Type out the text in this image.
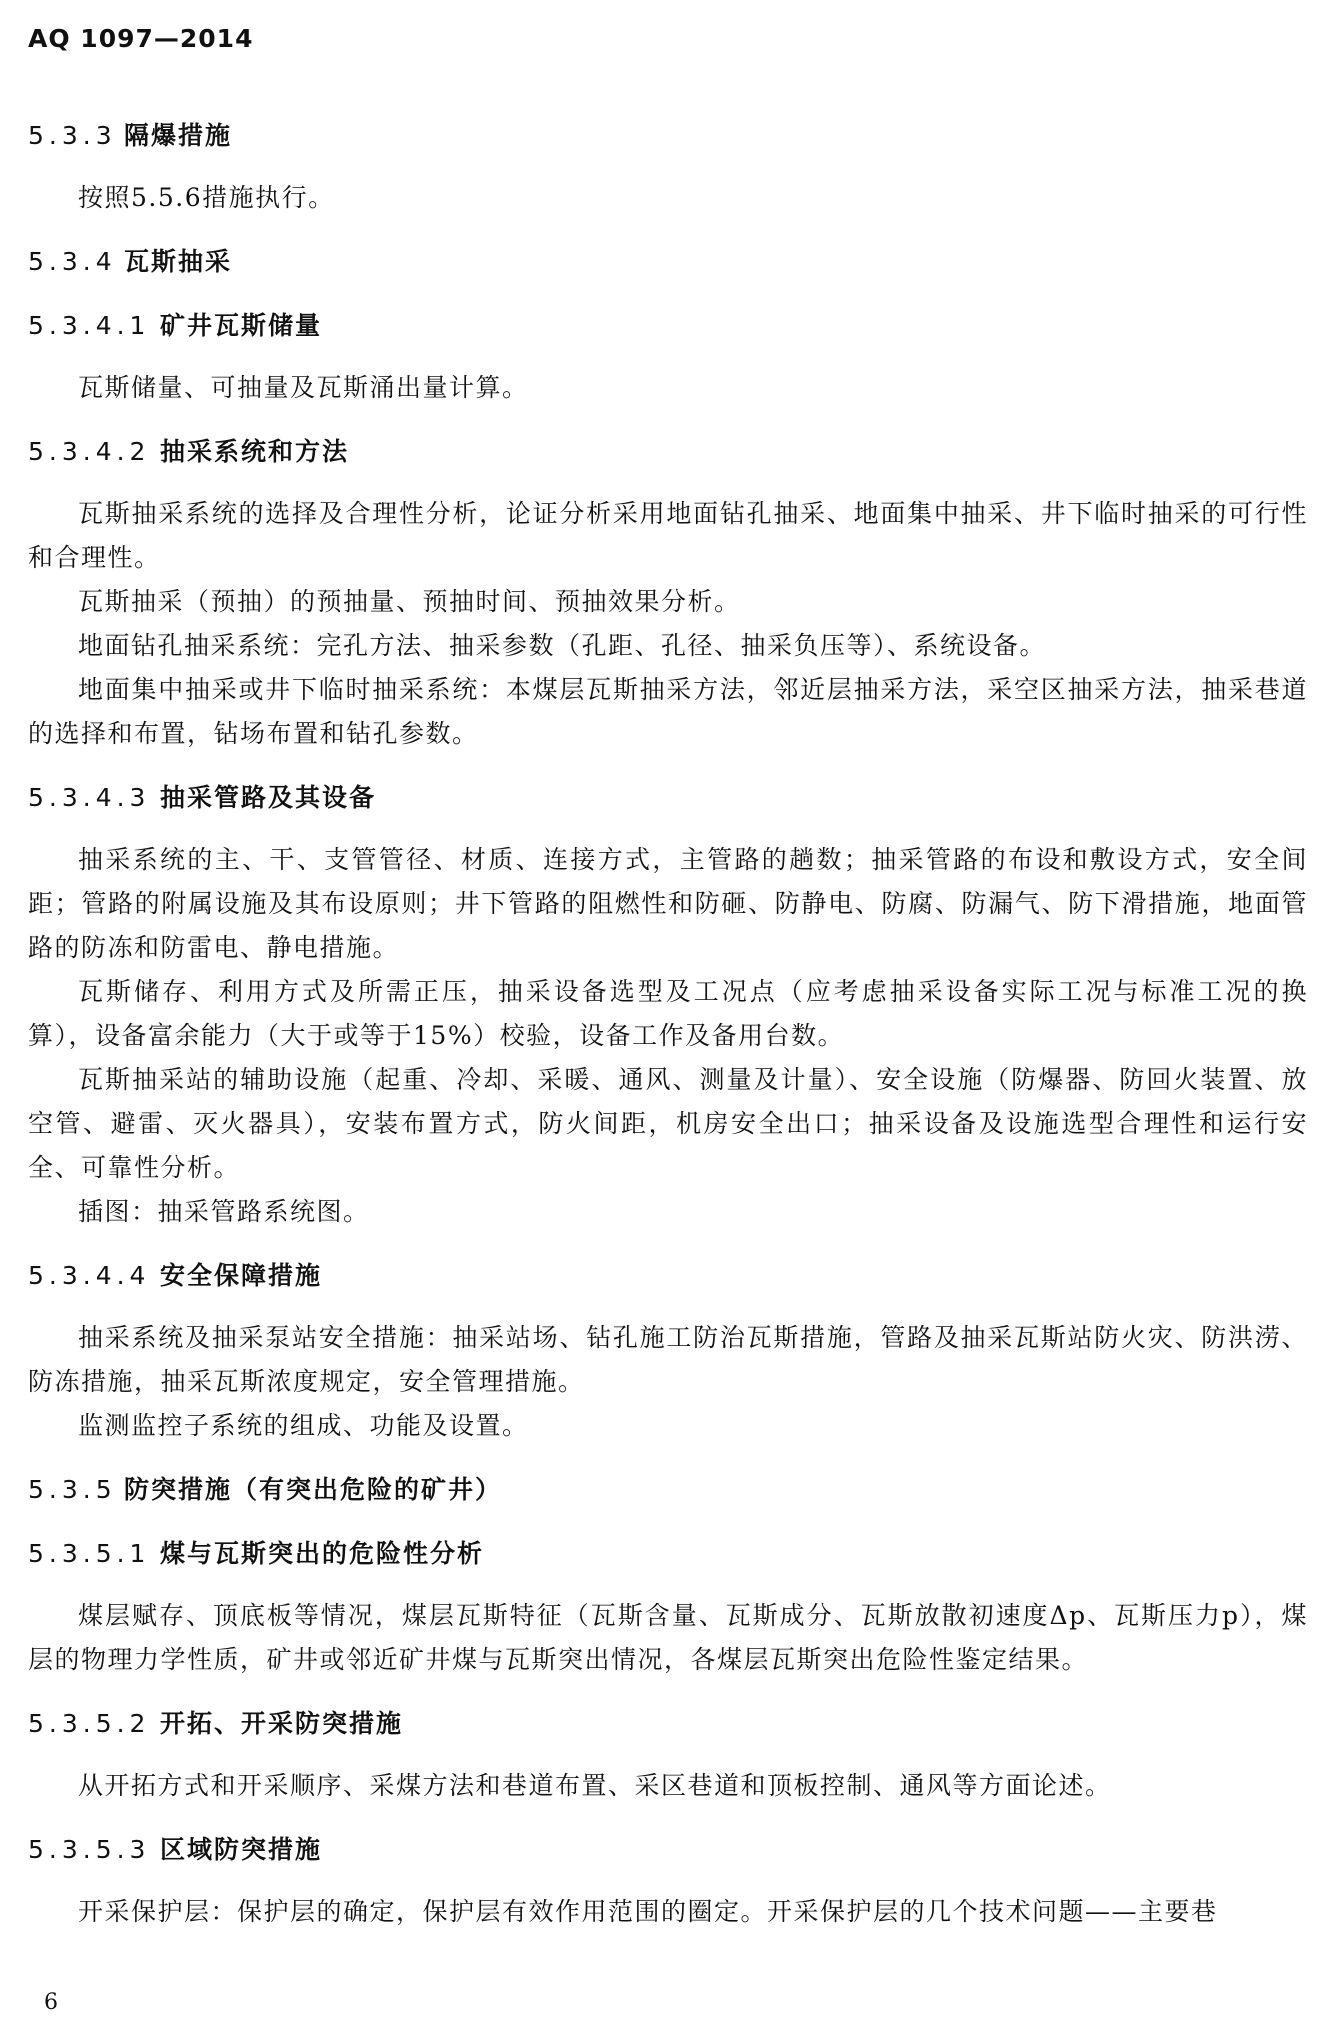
AQ 1097—2014
5.3.3 隔爆措施

按照5.5.6措施执行。

5.3.4 瓦斯抽采
5.3.4.1 矿井瓦斯储量

瓦斯储量、可抽量及瓦斯涌出量计算。

5.3.4.2 抽采系统和方法

瓦斯抽采系统的选择及合理性分析，论证分析采用地面钻孔抽采、地面集中抽采、井下临时抽采的可行性和合理性。

瓦斯抽采（预抽）的预抽量、预抽时间、预抽效果分析。

地面钻孔抽采系统：完孔方法、抽采参数（孔距、孔径、抽采负压等）、系统设备。

地面集中抽采或井下临时抽采系统：本煤层瓦斯抽采方法，邻近层抽采方法，采空区抽采方法，抽采巷道的选择和布置，钻场布置和钻孔参数。

5.3.4.3 抽采管路及其设备

抽采系统的主、干、支管管径、材质、连接方式，主管路的趟数；抽采管路的布设和敷设方式，安全间距；管路的附属设施及其布设原则；井下管路的阻燃性和防砸、防静电、防腐、防漏气、防下滑措施，地面管路的防冻和防雷电、静电措施。

瓦斯储存、利用方式及所需正压，抽采设备选型及工况点（应考虑抽采设备实际工况与标准工况的换算），设备富余能力（大于或等于15%）校验，设备工作及备用台数。

瓦斯抽采站的辅助设施（起重、冷却、采暖、通风、测量及计量）、安全设施（防爆器、防回火装置、放空管、避雷、灭火器具），安装布置方式，防火间距，机房安全出口；抽采设备及设施选型合理性和运行安全、可靠性分析。

插图：抽采管路系统图。

5.3.4.4 安全保障措施

抽采系统及抽采泵站安全措施：抽采站场、钻孔施工防治瓦斯措施，管路及抽采瓦斯站防火灾、防洪涝、防冻措施，抽采瓦斯浓度规定，安全管理措施。

监测监控子系统的组成、功能及设置。

5.3.5 防突措施（有突出危险的矿井）
5.3.5.1 煤与瓦斯突出的危险性分析

煤层赋存、顶底板等情况，煤层瓦斯特征（瓦斯含量、瓦斯成分、瓦斯放散初速度Δp、瓦斯压力p），煤层的物理力学性质，矿井或邻近矿井煤与瓦斯突出情况，各煤层瓦斯突出危险性鉴定结果。

5.3.5.2 开拓、开采防突措施

从开拓方式和开采顺序、采煤方法和巷道布置、采区巷道和顶板控制、通风等方面论述。

5.3.5.3 区域防突措施

开采保护层：保护层的确定，保护层有效作用范围的圈定。开采保护层的几个技术问题——主要巷

6
